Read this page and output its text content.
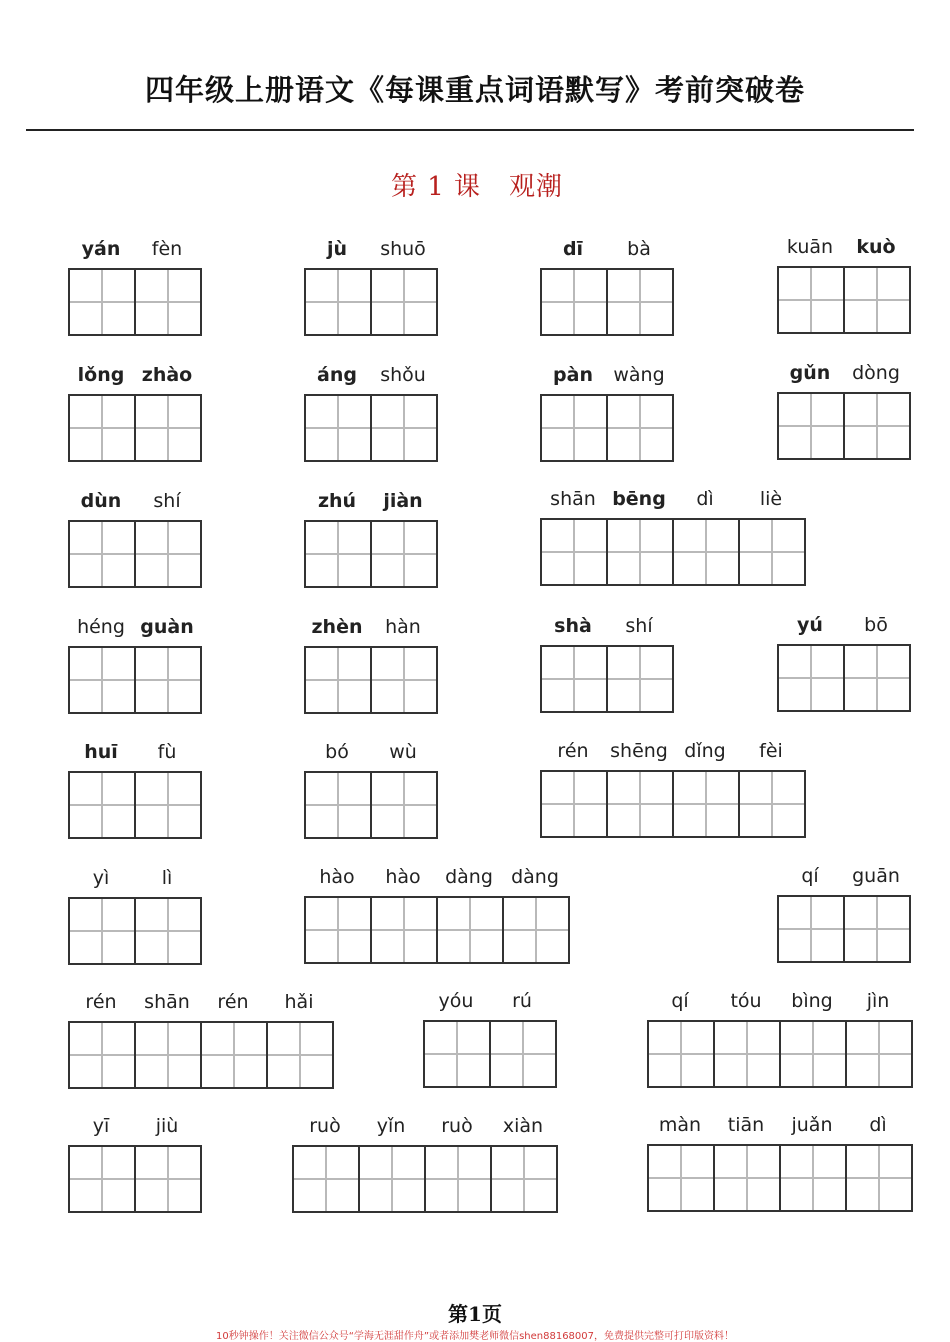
四年级上册语文《每课重点词语默写》考前突破卷
第 1 课 观潮
yán	fèn	jù	shuō	dī	bà	kuān	kuò
lǒng zhào	áng	shǒu	pàn	wàng	gǔn	dòng
dùn	shí	zhú	jiàn	shān bēng	dì	liè
héng guàn	zhèn	hàn	shà	shí	yú	bō
huī	fù	bó	wù	rén	shēng dǐng	fèi
yì	lì	hào	hào	dàng dàng	qí	guān
rén	shān	rén	hǎi	yóu	rú	qí	tóu	bìng	jìn
yī	jiù	ruò	yǐn	ruò	xiàn	màn	tiān	juǎn	dì
第1页
10秒钟操作！关注微信公众号“学海无涯甜作舟”或者添加樊老师微信shen88168007，免费提供完整可打印版资料！
